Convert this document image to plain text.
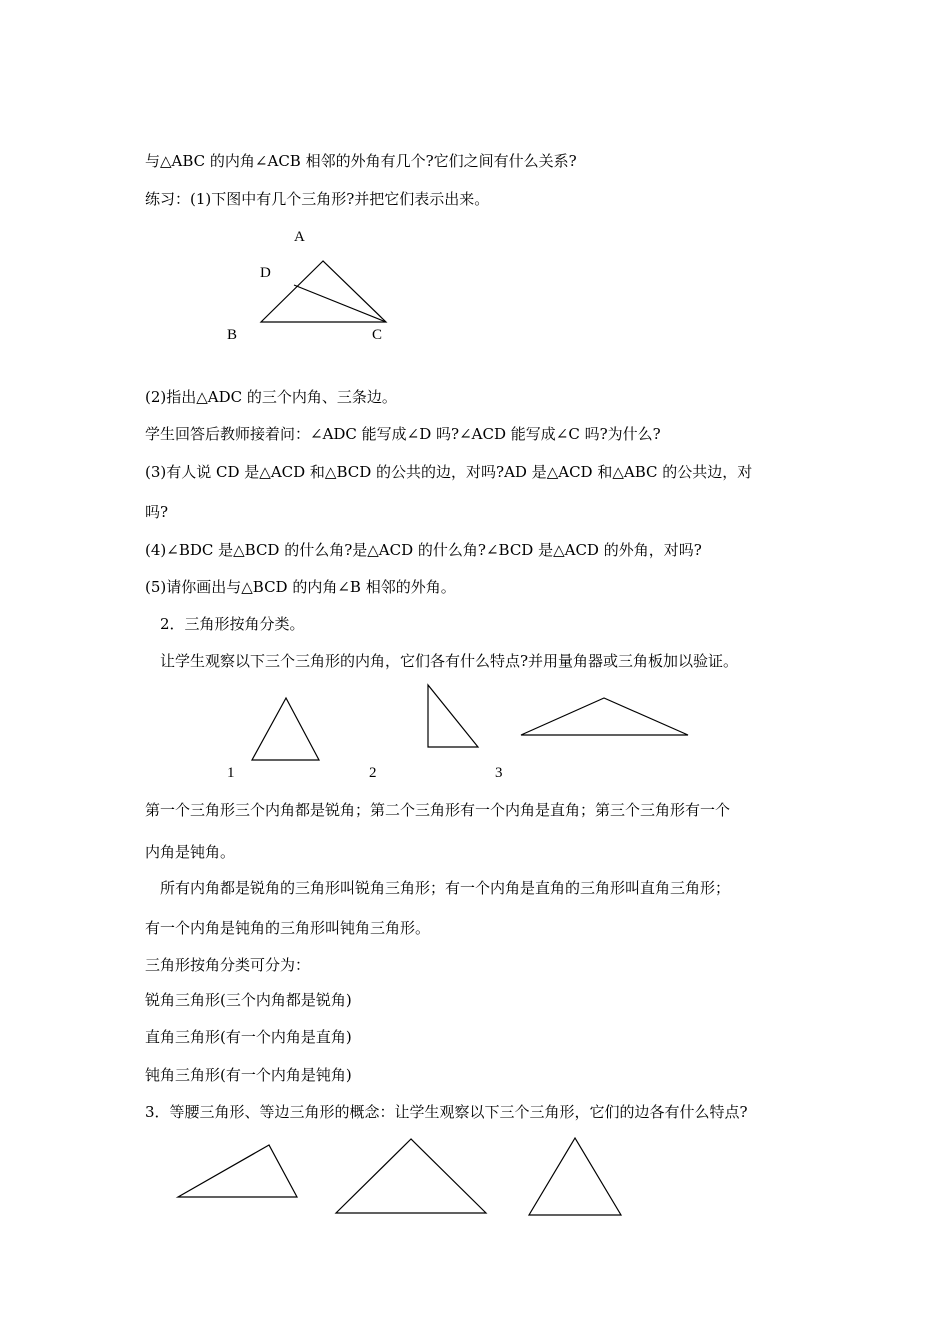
与△ABC 的内角∠ACB 相邻的外角有几个?它们之间有什么关系?
练习：(1)下图中有几个三角形?并把它们表示出来。
A
D
B	C
(2)指出△ADC 的三个内角、三条边。
学生回答后教师接着问：∠ADC 能写成∠D 吗?∠ACD 能写成∠C 吗?为什么?
(3)有人说 CD 是△ACD 和△BCD 的公共的边，对吗?AD 是△ACD 和△ABC 的公共边，对
吗?
(4)∠BDC 是△BCD 的什么角?是△ACD 的什么角?∠BCD 是△ACD 的外角，对吗?
(5)请你画出与△BCD 的内角∠B 相邻的外角。
2．三角形按角分类。
让学生观察以下三个三角形的内角，它们各有什么特点?并用量角器或三角板加以验证。
1	2	3
第一个三角形三个内角都是锐角；第二个三角形有一个内角是直角；第三个三角形有一个
内角是钝角。
所有内角都是锐角的三角形叫锐角三角形；有一个内角是直角的三角形叫直角三角形；
有一个内角是钝角的三角形叫钝角三角形。
三角形按角分类可分为：
锐角三角形(三个内角都是锐角)
直角三角形(有一个内角是直角)
钝角三角形(有一个内角是钝角)
3．等腰三角形、等边三角形的概念：让学生观察以下三个三角形，它们的边各有什么特点?
